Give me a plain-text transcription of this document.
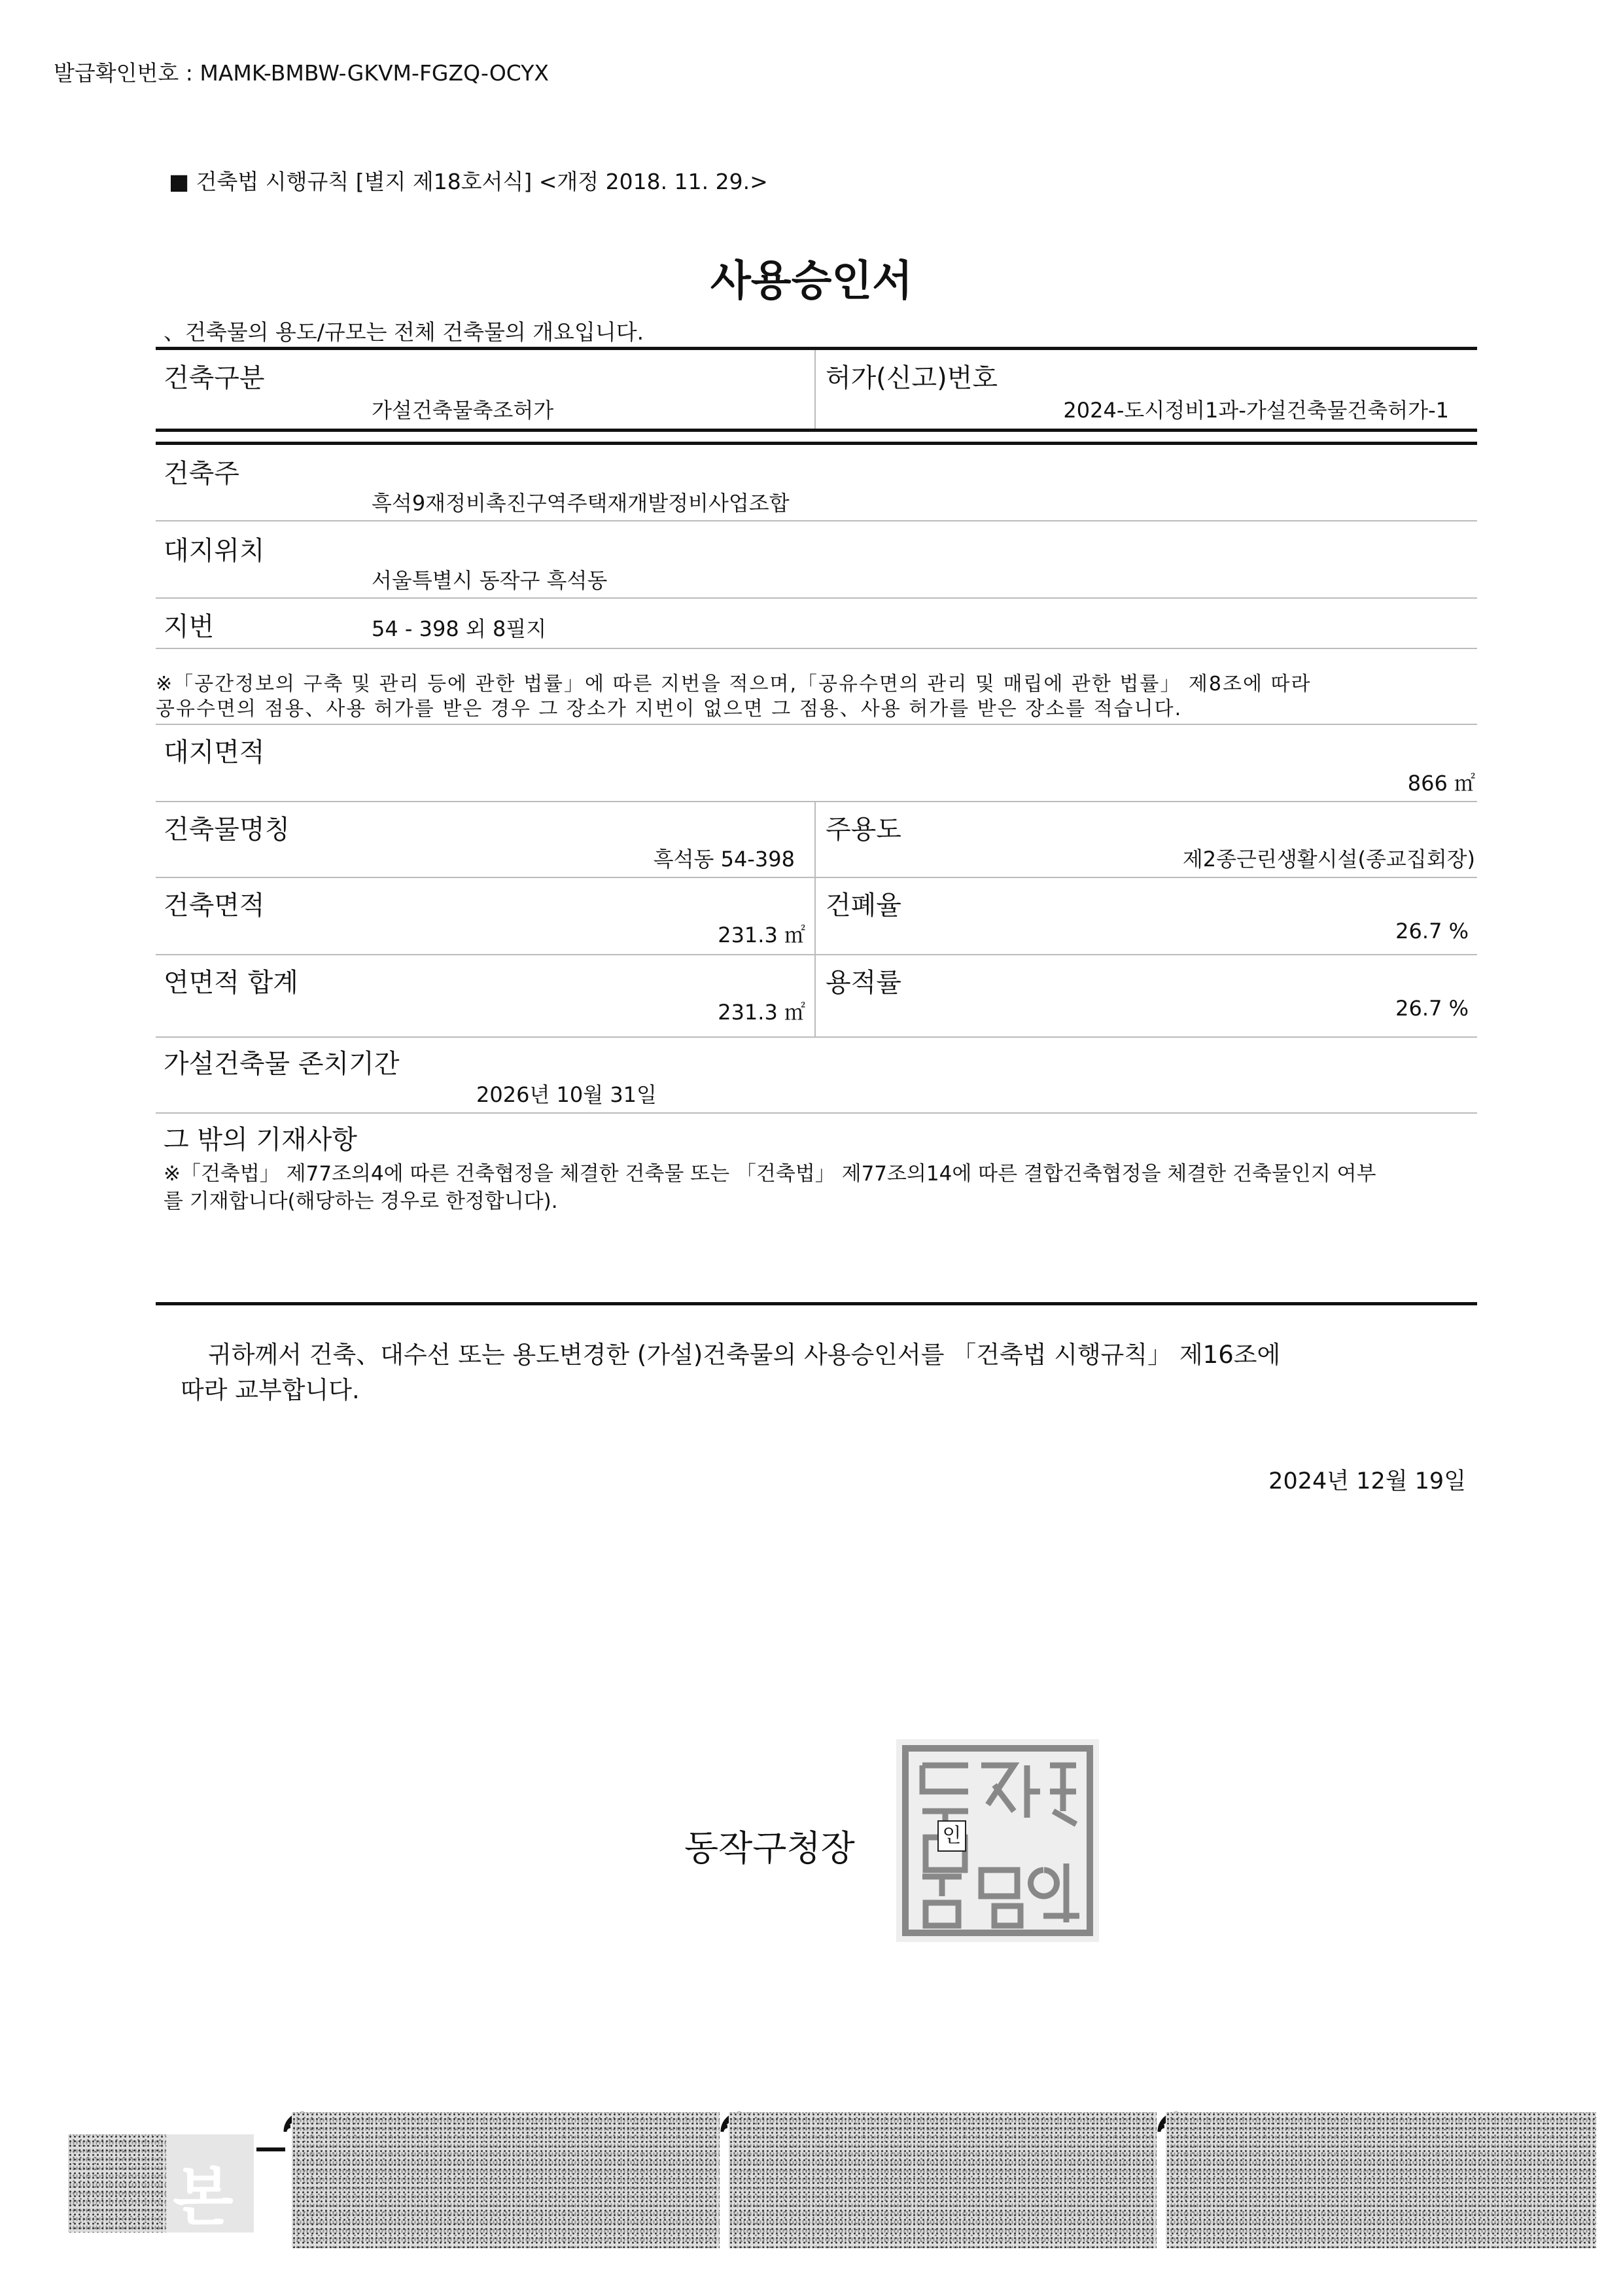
발급확인번호 : MAMK-BMBW-GKVM-FGZQ-OCYX
■ 건축법 시행규칙 [별지 제18호서식] <개정 2018. 11. 29.>
사용승인서
、건축물의 용도/규모는 전체 건축물의 개요입니다.
건축구분
가설건축물축조허가
허가(신고)번호
2024-도시정비1과-가설건축물건축허가-1
건축주
흑석9재정비촉진구역주택재개발정비사업조합
대지위치
서울특별시 동작구 흑석동
지번	54 - 398 외 8필지
※「공간정보의 구축 및 관리 등에 관한 법률」에 따른 지번을 적으며,「공유수면의 관리 및 매립에 관한 법률」 제8조에 따라
공유수면의 점용、사용 허가를 받은 경우 그 장소가 지번이 없으면 그 점용、사용 허가를 받은 장소를 적습니다.
대지면적
866 ㎡
건축물명칭
흑석동 54-398
주용도
제2종근린생활시설(종교집회장)
건축면적
231.3 ㎡
건폐율
26.7 %
연면적 합계
231.3 ㎡
용적률
26.7 %
가설건축물 존치기간
2026년 10월 31일
그 밖의 기재사항
※「건축법」 제77조의4에 따른 건축협정을 체결한 건축물 또는 「건축법」 제77조의14에 따른 결합건축협정을 체결한 건축물인지 여부
를 기재합니다(해당하는 경우로 한정합니다).
귀하께서 건축、대수선 또는 용도변경한 (가설)건축물의 사용승인서를 「건축법 시행규칙」 제16조에
따라 교부합니다.
2024년 12월 19일
동작구청장	인
본
